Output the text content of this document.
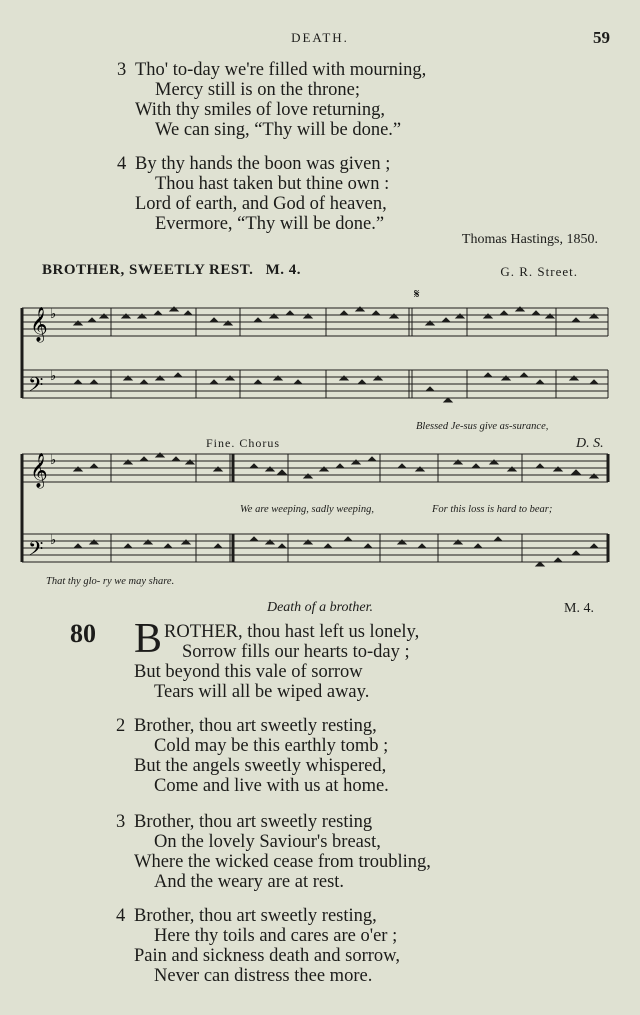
DEATH.	59
3 Tho' to-day we're filled with mourning,
Mercy still is on the throne;
With thy smiles of love returning,
We can sing, “Thy will be done.”
4 By thy hands the boon was given ;
Thou hast taken but thine own :
Lord of earth, and God of heaven,
Evermore, “Thy will be done.”
Thomas Hastings, 1850.
BROTHER, SWEETLY REST. M. 4.	G. R. Street.
𝄞 ♭
𝄢 ♭
𝄋
Blessed Je-sus give as-surance,
𝄞 ♭
𝄢 ♭
Fine. Chorus	D. S.
We are weeping, sadly weeping,	For this loss is hard to bear;
That thy glo- ry we may share.
Death of a brother.	M. 4.
80 BROTHER, thou hast left us lonely,
Sorrow fills our hearts to-day ;
But beyond this vale of sorrow
Tears will all be wiped away.
2 Brother, thou art sweetly resting,
Cold may be this earthly tomb ;
But the angels sweetly whispered,
Come and live with us at home.
3 Brother, thou art sweetly resting
On the lovely Saviour's breast,
Where the wicked cease from troubling,
And the weary are at rest.
4 Brother, thou art sweetly resting,
Here thy toils and cares are o'er ;
Pain and sickness death and sorrow,
Never can distress thee more.
